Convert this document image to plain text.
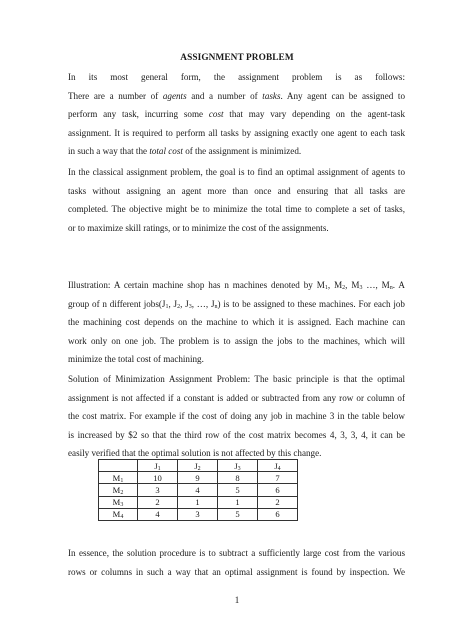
ASSIGNMENT PROBLEM
In its most general form, the assignment problem is as follows:
There are a number of agents and a number of tasks. Any agent can be assigned to
perform any task, incurring some cost that may vary depending on the agent-task
assignment. It is required to perform all tasks by assigning exactly one agent to each task
in such a way that the total cost of the assignment is minimized.
In the classical assignment problem, the goal is to find an optimal assignment of agents to
tasks without assigning an agent more than once and ensuring that all tasks are
completed. The objective might be to minimize the total time to complete a set of tasks,
or to maximize skill ratings, or to minimize the cost of the assignments.
Illustration: A certain machine shop has n machines denoted by $M_1$, $M_2$, $M_3$ …, $M_n$. A
group of n different $jobs(J_1$, $J_2$, $J_3$, …, $J_n$) is to be assigned to these machines. For each job
the machining cost depends on the machine to which it is assigned. Each machine can
work only on one job. The problem is to assign the jobs to the machines, which will
minimize the total cost of machining.
Solution of Minimization Assignment Problem: The basic principle is that the optimal
assignment is not affected if a constant is added or subtracted from any row or column of
the cost matrix. For example if the cost of doing any job in machine 3 in the table below
is increased by $2 so that the third row of the cost matrix becomes 4, 3, 3, 4, it can be
easily verified that the optimal solution is not affected by this change.
	$J_1$	$J_2$	$J_3$	$J_4$
$M_1$	10	9	8	7
$M_2$	3	4	5	6
$M_3$	2	1	1	2
$M_4$	4	3	5	6
In essence, the solution procedure is to subtract a sufficiently large cost from the various
rows or columns in such a way that an optimal assignment is found by inspection. We
1
